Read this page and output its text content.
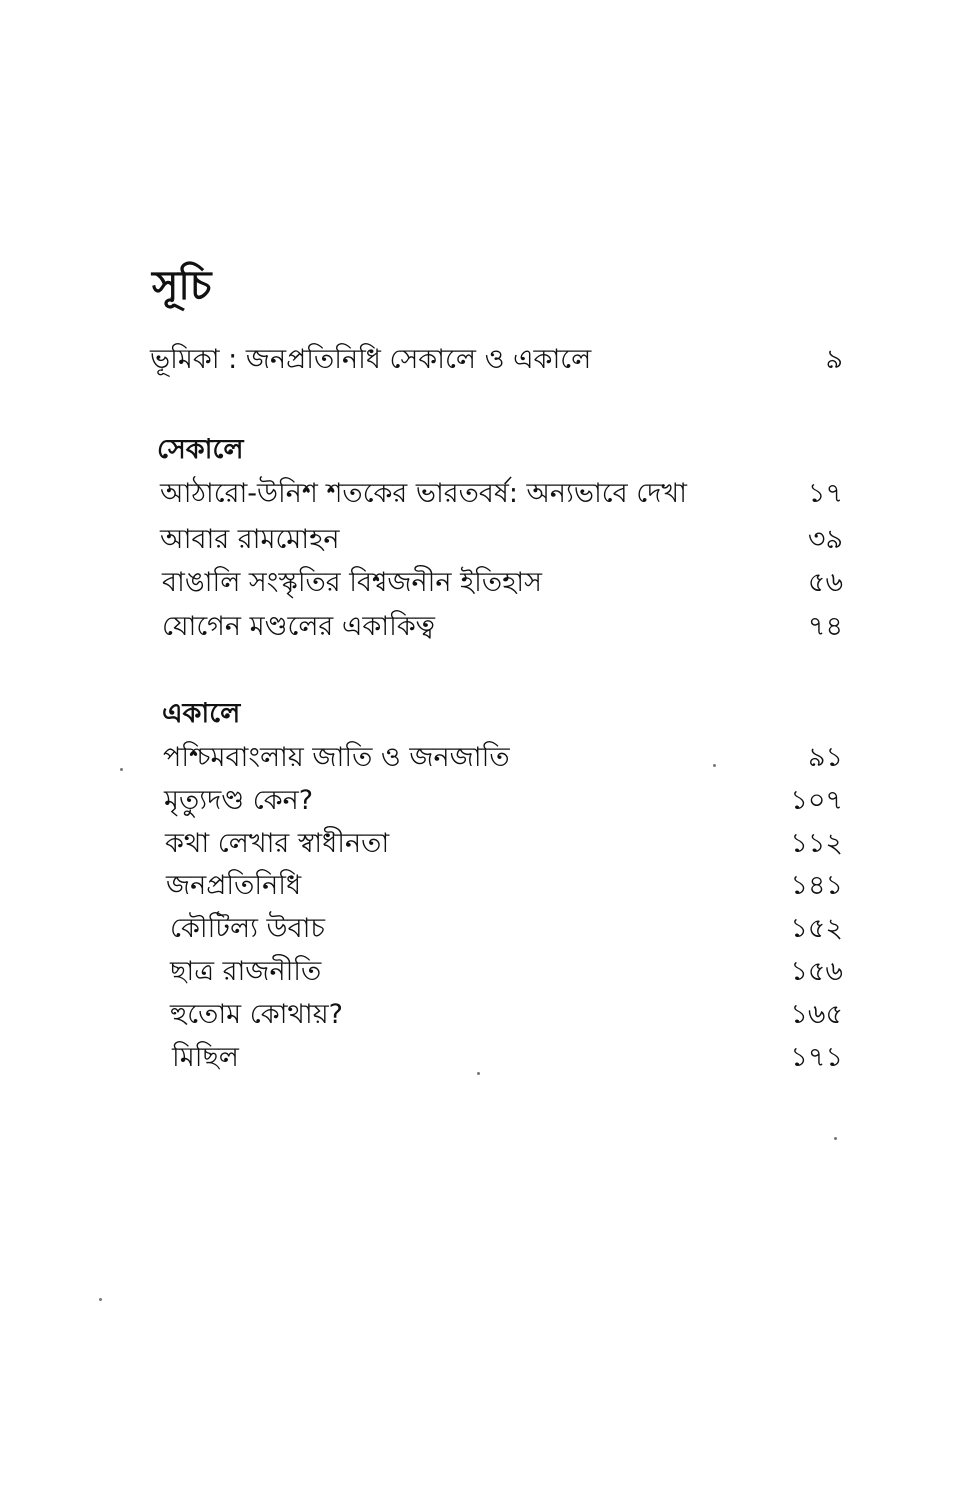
সূচি
ভূমিকা : জনপ্রতিনিধি সেকালে ও একালে	৯
সেকালে
আঠারো-উনিশ শতকের ভারতবর্ষ: অন্যভাবে দেখা	১৭
আবার রামমোহন	৩৯
বাঙালি সংস্কৃতির বিশ্বজনীন ইতিহাস	৫৬
যোগেন মণ্ডলের একাকিত্ব	৭৪
একালে
পশ্চিমবাংলায় জাতি ও জনজাতি	৯১
মৃত্যুদণ্ড কেন?	১০৭
কথা লেখার স্বাধীনতা	১১২
জনপ্রতিনিধি	১৪১
কৌটিল্য উবাচ	১৫২
ছাত্র রাজনীতি	১৫৬
হুতোম কোথায়?	১৬৫
মিছিল	১৭১
